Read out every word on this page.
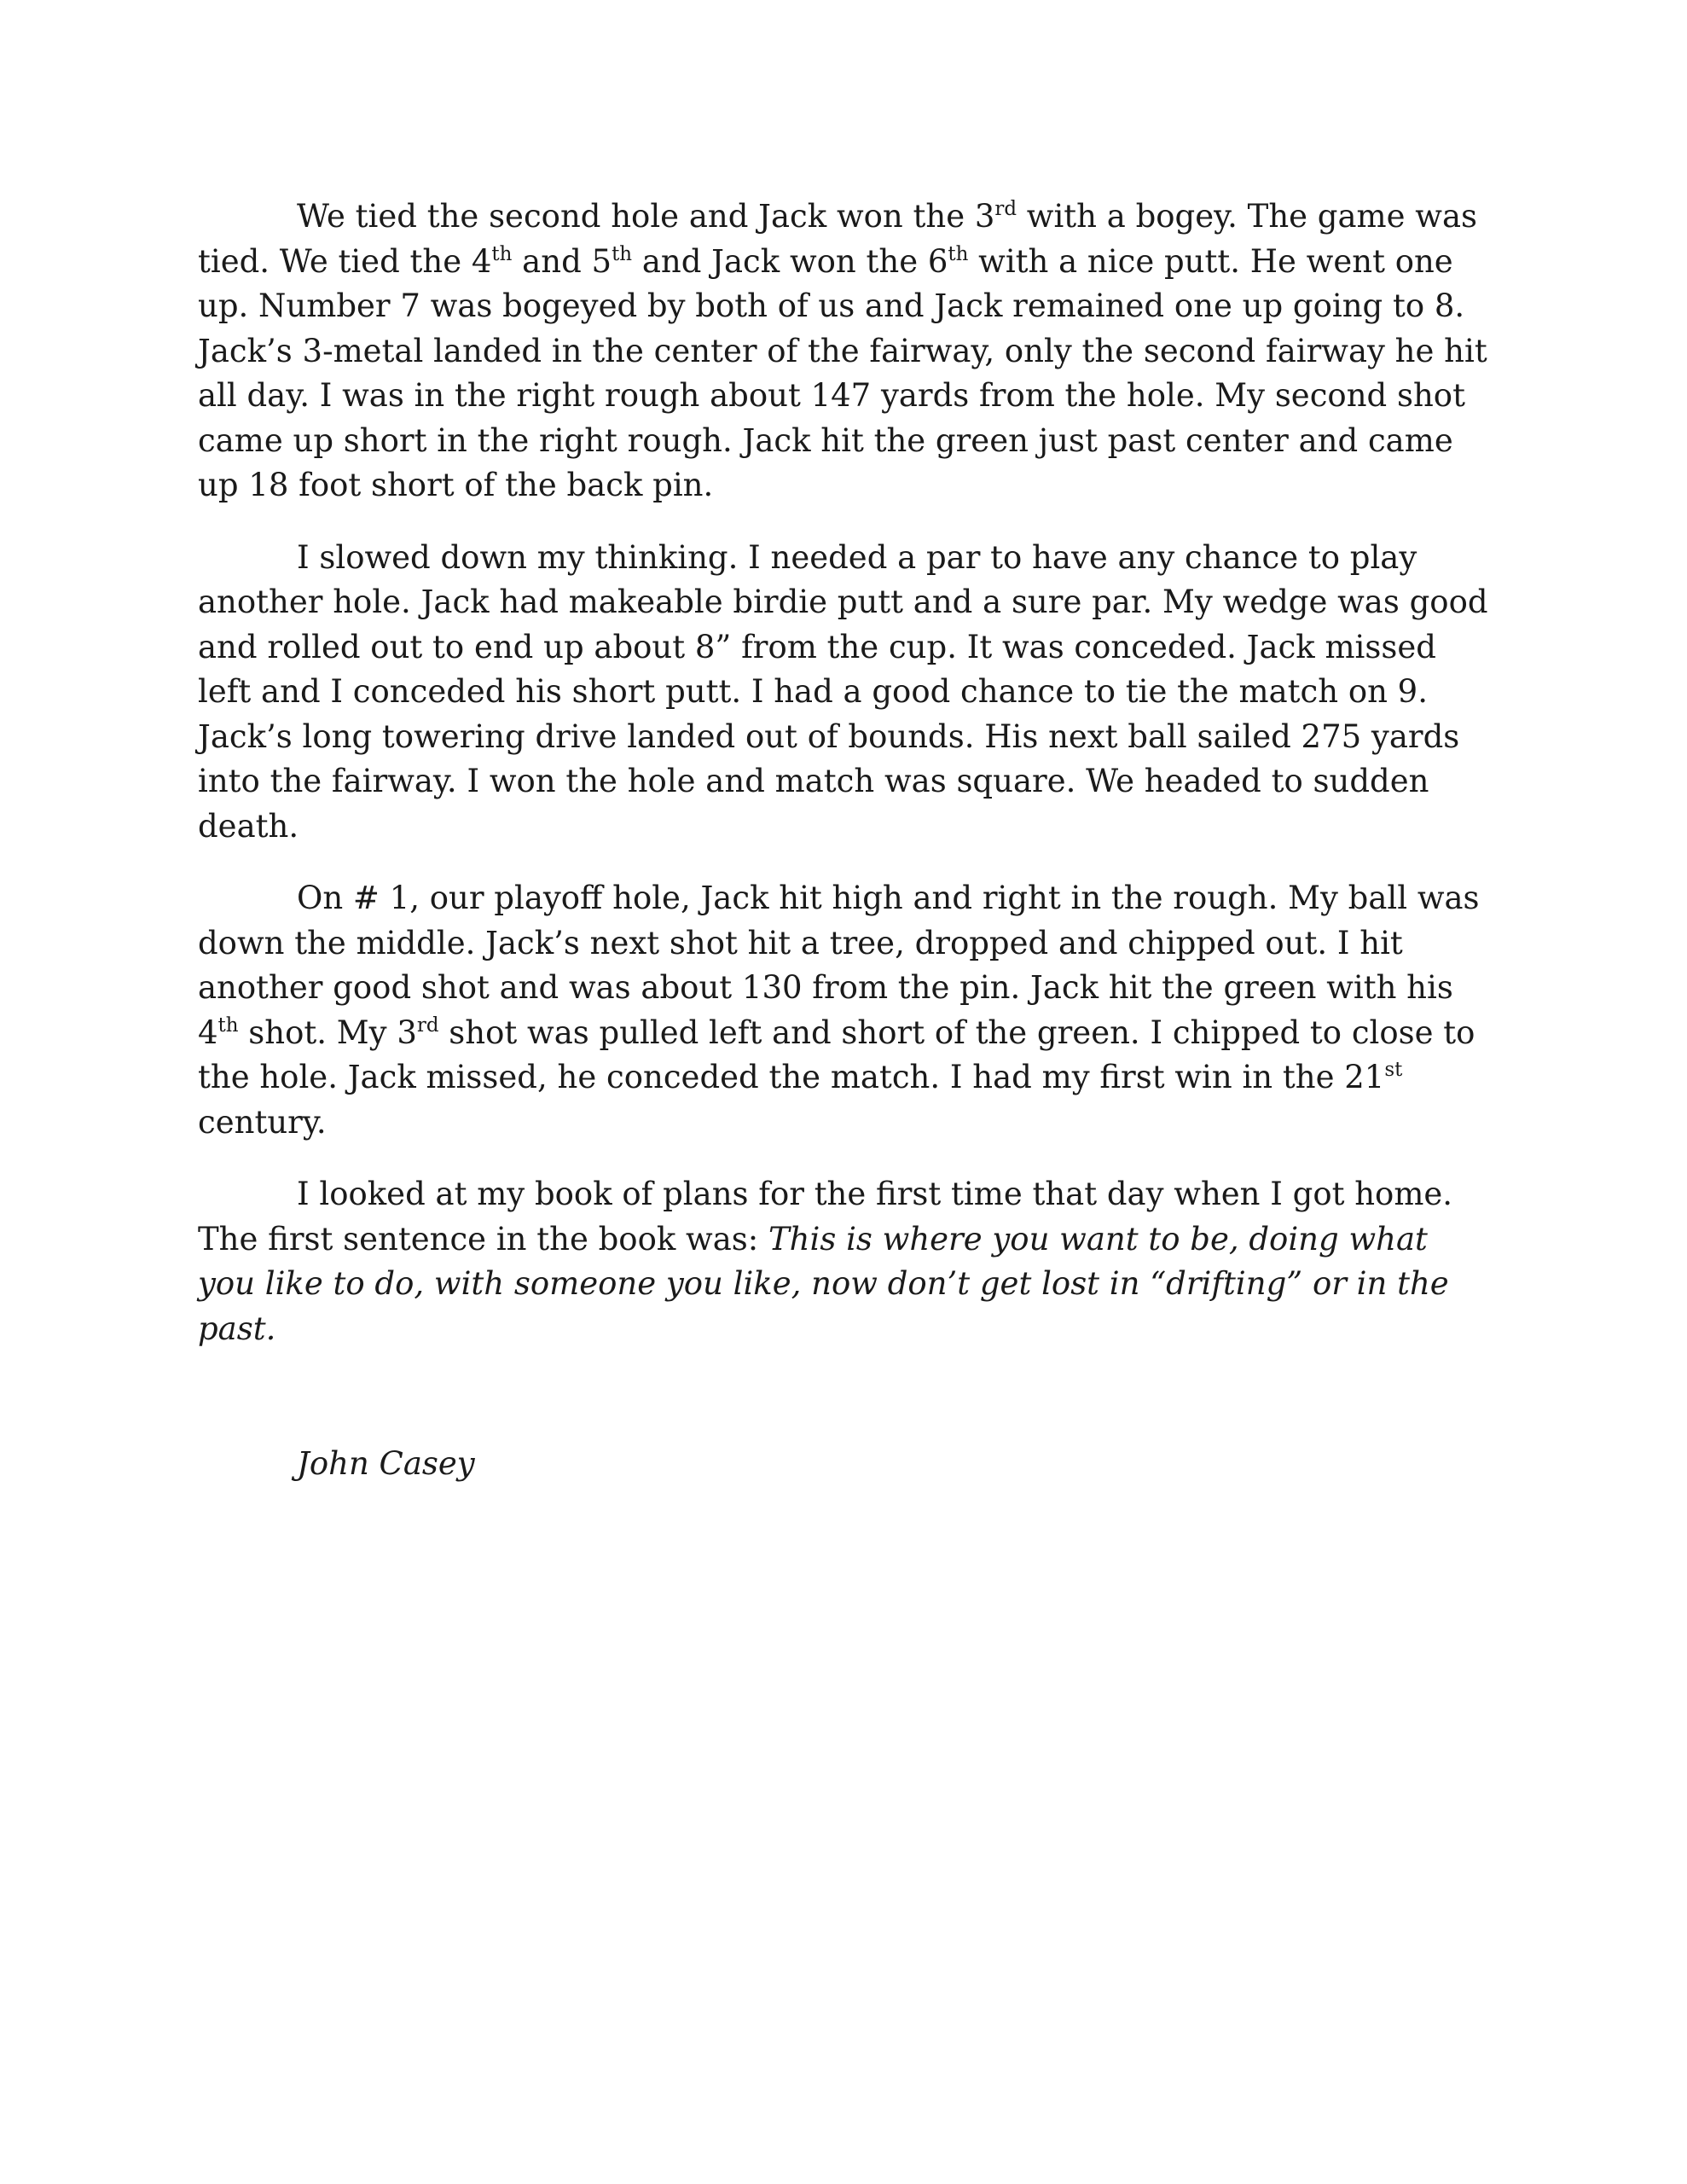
We tied the second hole and Jack won the 3rd with a bogey. The game was tied. We tied the 4th and 5th and Jack won the 6th with a nice putt. He went one up. Number 7 was bogeyed by both of us and Jack remained one up going to 8. Jack’s 3-metal landed in the center of the fairway, only the second fairway he hit all day. I was in the right rough about 147 yards from the hole. My second shot came up short in the right rough. Jack hit the green just past center and came up 18 foot short of the back pin.

I slowed down my thinking. I needed a par to have any chance to play another hole. Jack had makeable birdie putt and a sure par. My wedge was good and rolled out to end up about 8” from the cup. It was conceded. Jack missed left and I conceded his short putt. I had a good chance to tie the match on 9. Jack’s long towering drive landed out of bounds. His next ball sailed 275 yards into the fairway. I won the hole and match was square. We headed to sudden death.

On # 1, our playoff hole, Jack hit high and right in the rough. My ball was down the middle. Jack’s next shot hit a tree, dropped and chipped out. I hit another good shot and was about 130 from the pin. Jack hit the green with his 4th shot. My 3rd shot was pulled left and short of the green. I chipped to close to the hole. Jack missed, he conceded the match. I had my first win in the 21st century.

I looked at my book of plans for the first time that day when I got home. The first sentence in the book was: This is where you want to be, doing what you like to do, with someone you like, now don’t get lost in “drifting” or in the past.

John Casey
